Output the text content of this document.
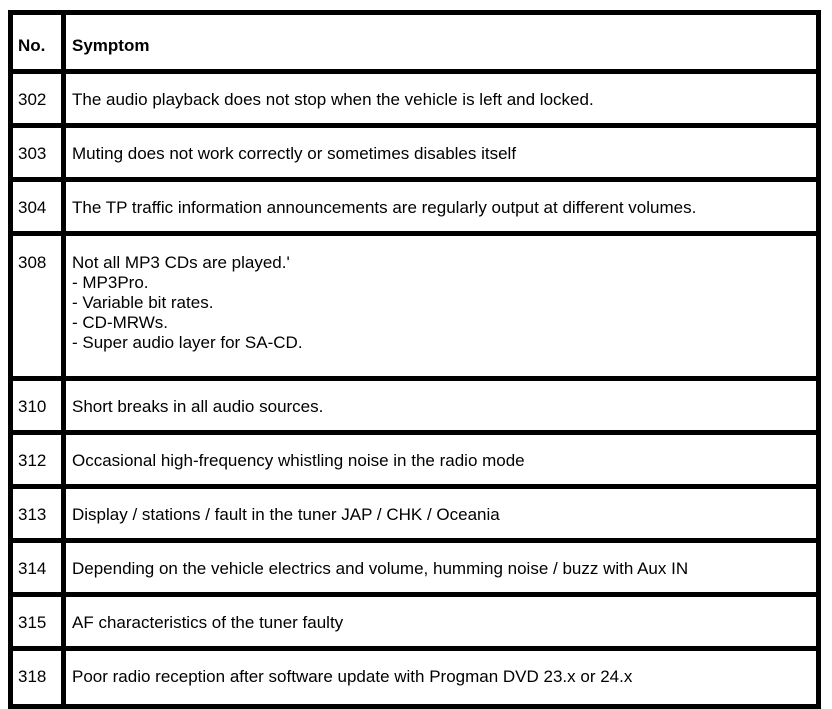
No.	Symptom
302	The audio playback does not stop when the vehicle is left and locked.

303	Muting does not work correctly or sometimes disables itself

304	The TP traffic information announcements are regularly output at different volumes.

308	Not all MP3 CDs are played.'
- MP3Pro.
- Variable bit rates.
- CD-MRWs.
- Super audio layer for SA-CD.

310	Short breaks in all audio sources.

312	Occasional high-frequency whistling noise in the radio mode

313	Display / stations / fault in the tuner JAP / CHK / Oceania

314	Depending on the vehicle electrics and volume, humming noise / buzz with Aux IN

315	AF characteristics of the tuner faulty

318	Poor radio reception after software update with Progman DVD 23.x or 24.x
